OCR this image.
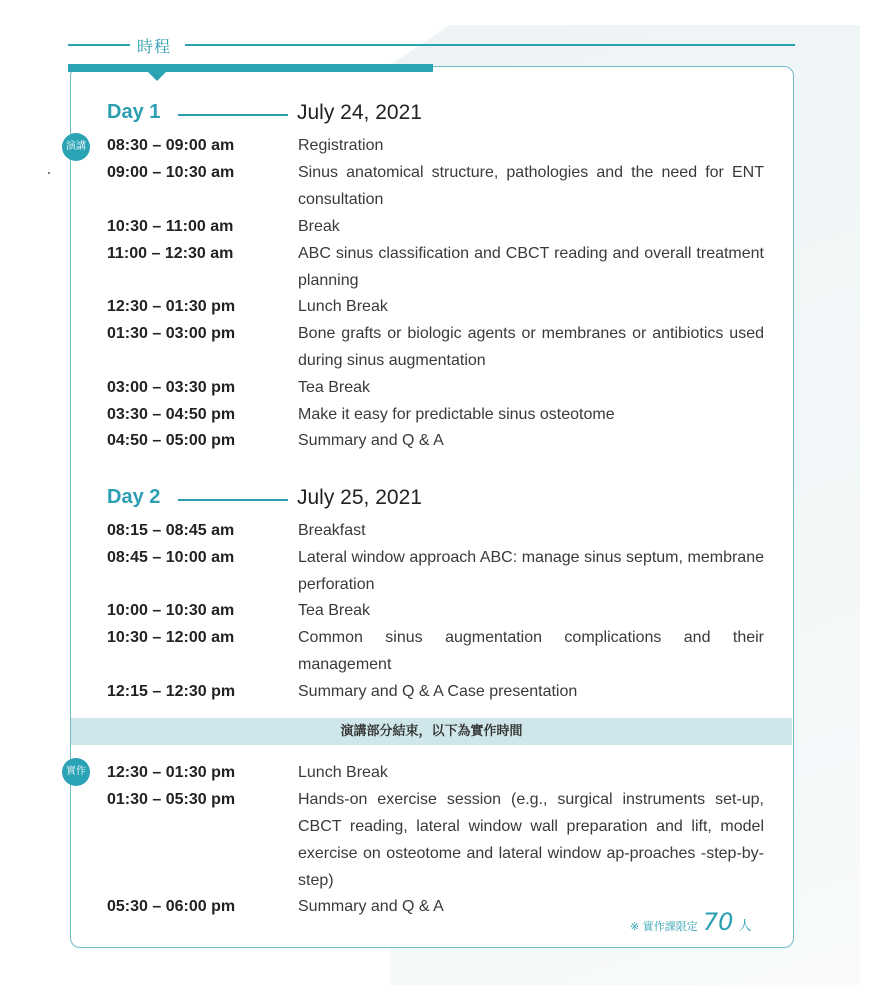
時程
Day 1	July 24, 2021
演講 08:30 – 09:00 am	Registration
09:00 – 10:30 am	Sinus anatomical structure, pathologies and the need for ENT consultation
10:30 – 11:00 am	Break
11:00 – 12:30 am	ABC sinus classification and CBCT reading and overall treatment planning
12:30 – 01:30 pm	Lunch Break
01:30 – 03:00 pm	Bone grafts or biologic agents or membranes or antibiotics used during sinus augmentation
03:00 – 03:30 pm	Tea Break
03:30 – 04:50 pm	Make it easy for predictable sinus osteotome
04:50 – 05:00 pm	Summary and Q & A
Day 2	July 25, 2021
08:15 – 08:45 am	Breakfast
08:45 – 10:00 am	Lateral window approach ABC: manage sinus septum, membrane perforation
10:00 – 10:30 am	Tea Break
10:30 – 12:00 am	Common sinus augmentation complications and their management
12:15 – 12:30 pm	Summary and Q & A Case presentation
演講部分結束，以下為實作時間
實作 12:30 – 01:30 pm	Lunch Break
01:30 – 05:30 pm	Hands-on exercise session (e.g., surgical instruments set-up, CBCT reading, lateral window wall preparation and lift, model exercise on osteotome and lateral window ap-proaches -step-by-step)
05:30 – 06:00 pm	Summary and Q & A
※ 實作課限定 70 人
